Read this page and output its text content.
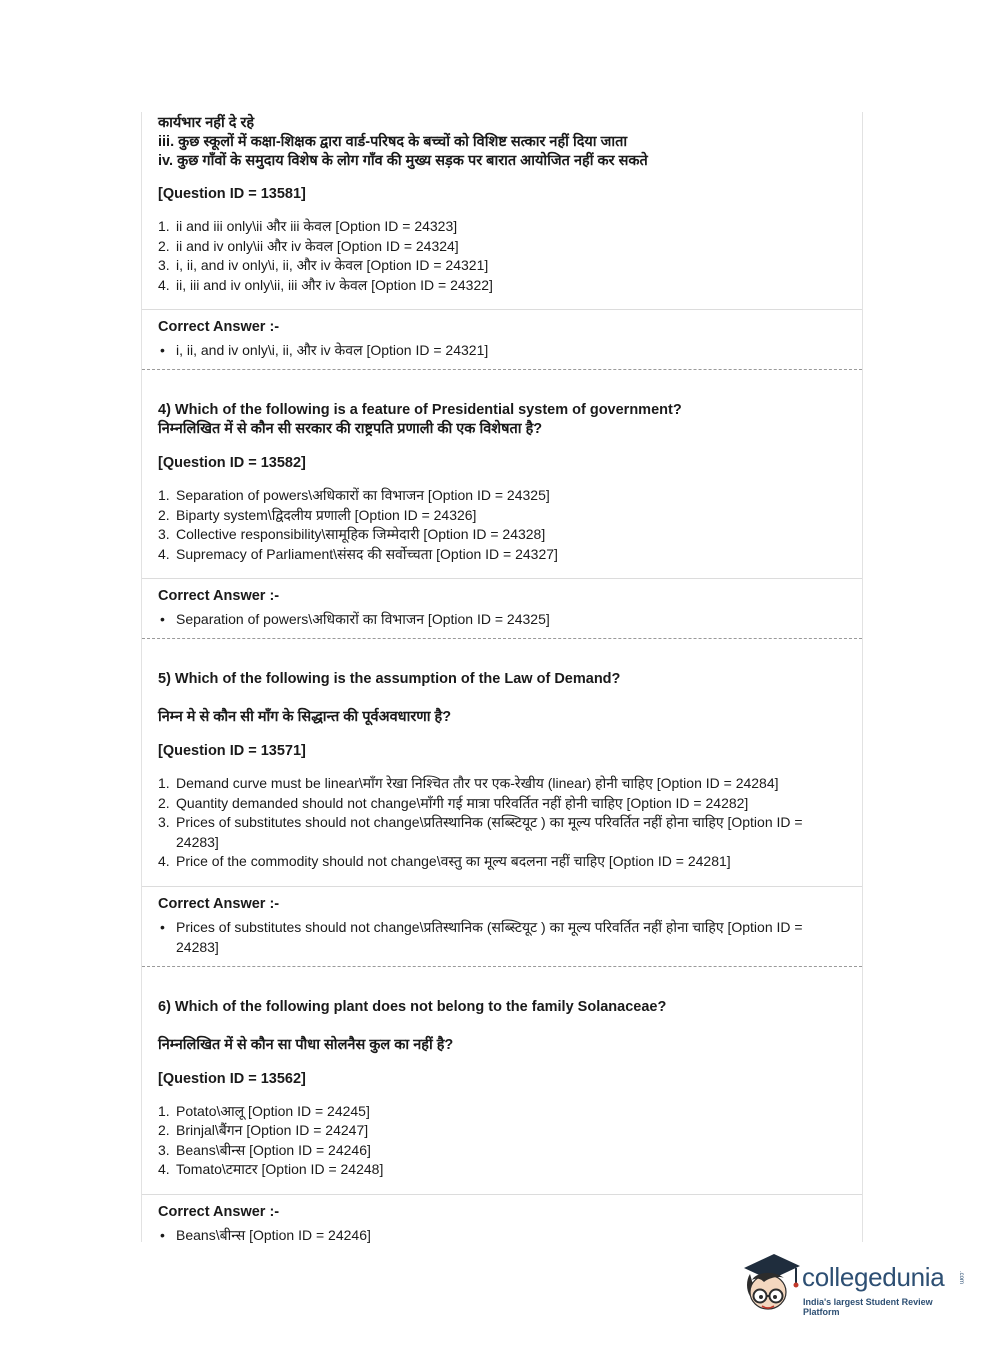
कार्यभार नहीं दे रहे
iii. कुछ स्कूलों में कक्षा-शिक्षक द्वारा वार्ड-परिषद के बच्चों को विशिष्ट सत्कार नहीं दिया जाता
iv. कुछ गाँवों के समुदाय विशेष के लोग गाँव की मुख्य सड़क पर बारात आयोजित नहीं कर सकते
[Question ID = 13581]
1. ii and iii only\ii और iii केवल [Option ID = 24323]
2. ii and iv only\ii और iv केवल [Option ID = 24324]
3. i, ii, and iv only\i, ii, और iv केवल [Option ID = 24321]
4. ii, iii and iv only\ii, iii और iv केवल [Option ID = 24322]
Correct Answer :-
• i, ii, and iv only\i, ii, और iv केवल [Option ID = 24321]
4) Which of the following is a feature of Presidential system of government?
निम्नलिखित में से कौन सी सरकार की राष्ट्रपति प्रणाली की एक विशेषता है?
[Question ID = 13582]
1. Separation of powers\अधिकारों का विभाजन [Option ID = 24325]
2. Biparty system\द्विदलीय प्रणाली [Option ID = 24326]
3. Collective responsibility\सामूहिक जिम्मेदारी [Option ID = 24328]
4. Supremacy of Parliament\संसद की सर्वोच्चता [Option ID = 24327]
Correct Answer :-
• Separation of powers\अधिकारों का विभाजन [Option ID = 24325]
5) Which of the following is the assumption of the Law of Demand?
निम्न मे से कौन सी माँग के सिद्धान्त की पूर्वअवधारणा है?
[Question ID = 13571]
1. Demand curve must be linear\माँग रेखा निश्चित तौर पर एक-रेखीय (linear) होनी चाहिए [Option ID = 24284]
2. Quantity demanded should not change\माँगी गई मात्रा परिवर्तित नहीं होनी चाहिए [Option ID = 24282]
3. Prices of substitutes should not change\प्रतिस्थानिक (सब्स्टियूट ) का मूल्य परिवर्तित नहीं होना चाहिए [Option ID = 24283]
4. Price of the commodity should not change\वस्तु का मूल्य बदलना नहीं चाहिए [Option ID = 24281]
Correct Answer :-
• Prices of substitutes should not change\प्रतिस्थानिक (सब्स्टियूट ) का मूल्य परिवर्तित नहीं होना चाहिए [Option ID = 24283]
6) Which of the following plant does not belong to the family Solanaceae?
निम्नलिखित में से कौन सा पौधा सोलनैस कुल का नहीं है?
[Question ID = 13562]
1. Potato\आलू [Option ID = 24245]
2. Brinjal\बैंगन [Option ID = 24247]
3. Beans\बीन्स [Option ID = 24246]
4. Tomato\टमाटर [Option ID = 24248]
Correct Answer :-
• Beans\बीन्स [Option ID = 24246]
collegedunia .com
India's largest Student Review Platform
